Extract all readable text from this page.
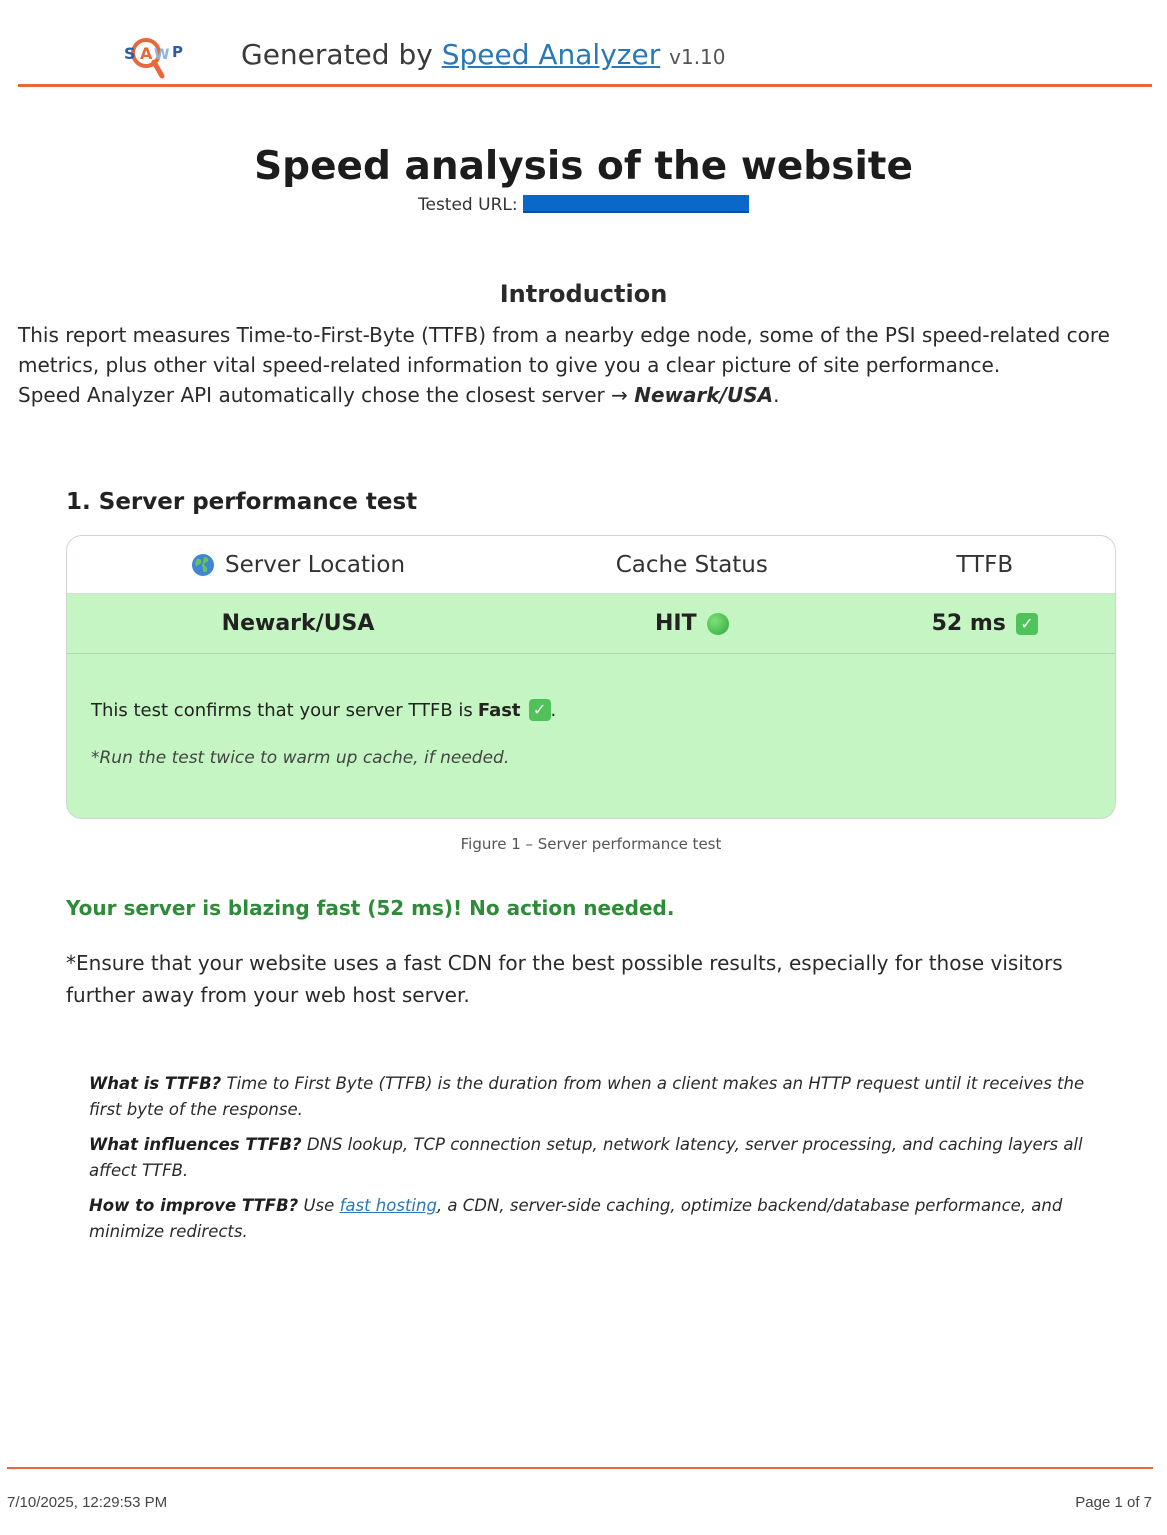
S A W P Generated by Speed Analyzer v1.10
Speed analysis of the website
Tested URL:
Introduction
This report measures Time-to-First-Byte (TTFB) from a nearby edge node, some of the PSI speed-related core metrics, plus other vital speed-related information to give you a clear picture of site performance.
Speed Analyzer API automatically chose the closest server → Newark/USA.
1. Server performance test
Server Location	Cache Status	TTFB
Newark/USA	HIT	52 ms ✓
This test confirms that your server TTFB is Fast ✓ .
*Run the test twice to warm up cache, if needed.
Figure 1 – Server performance test
Your server is blazing fast (52 ms)! No action needed.
*Ensure that your website uses a fast CDN for the best possible results, especially for those visitors further away from your web host server.
What is TTFB? Time to First Byte (TTFB) is the duration from when a client makes an HTTP request until it receives the first byte of the response.
What influences TTFB? DNS lookup, TCP connection setup, network latency, server processing, and caching layers all affect TTFB.
How to improve TTFB? Use fast hosting, a CDN, server-side caching, optimize backend/database performance, and minimize redirects.
7/10/2025, 12:29:53 PM	Page 1 of 7
